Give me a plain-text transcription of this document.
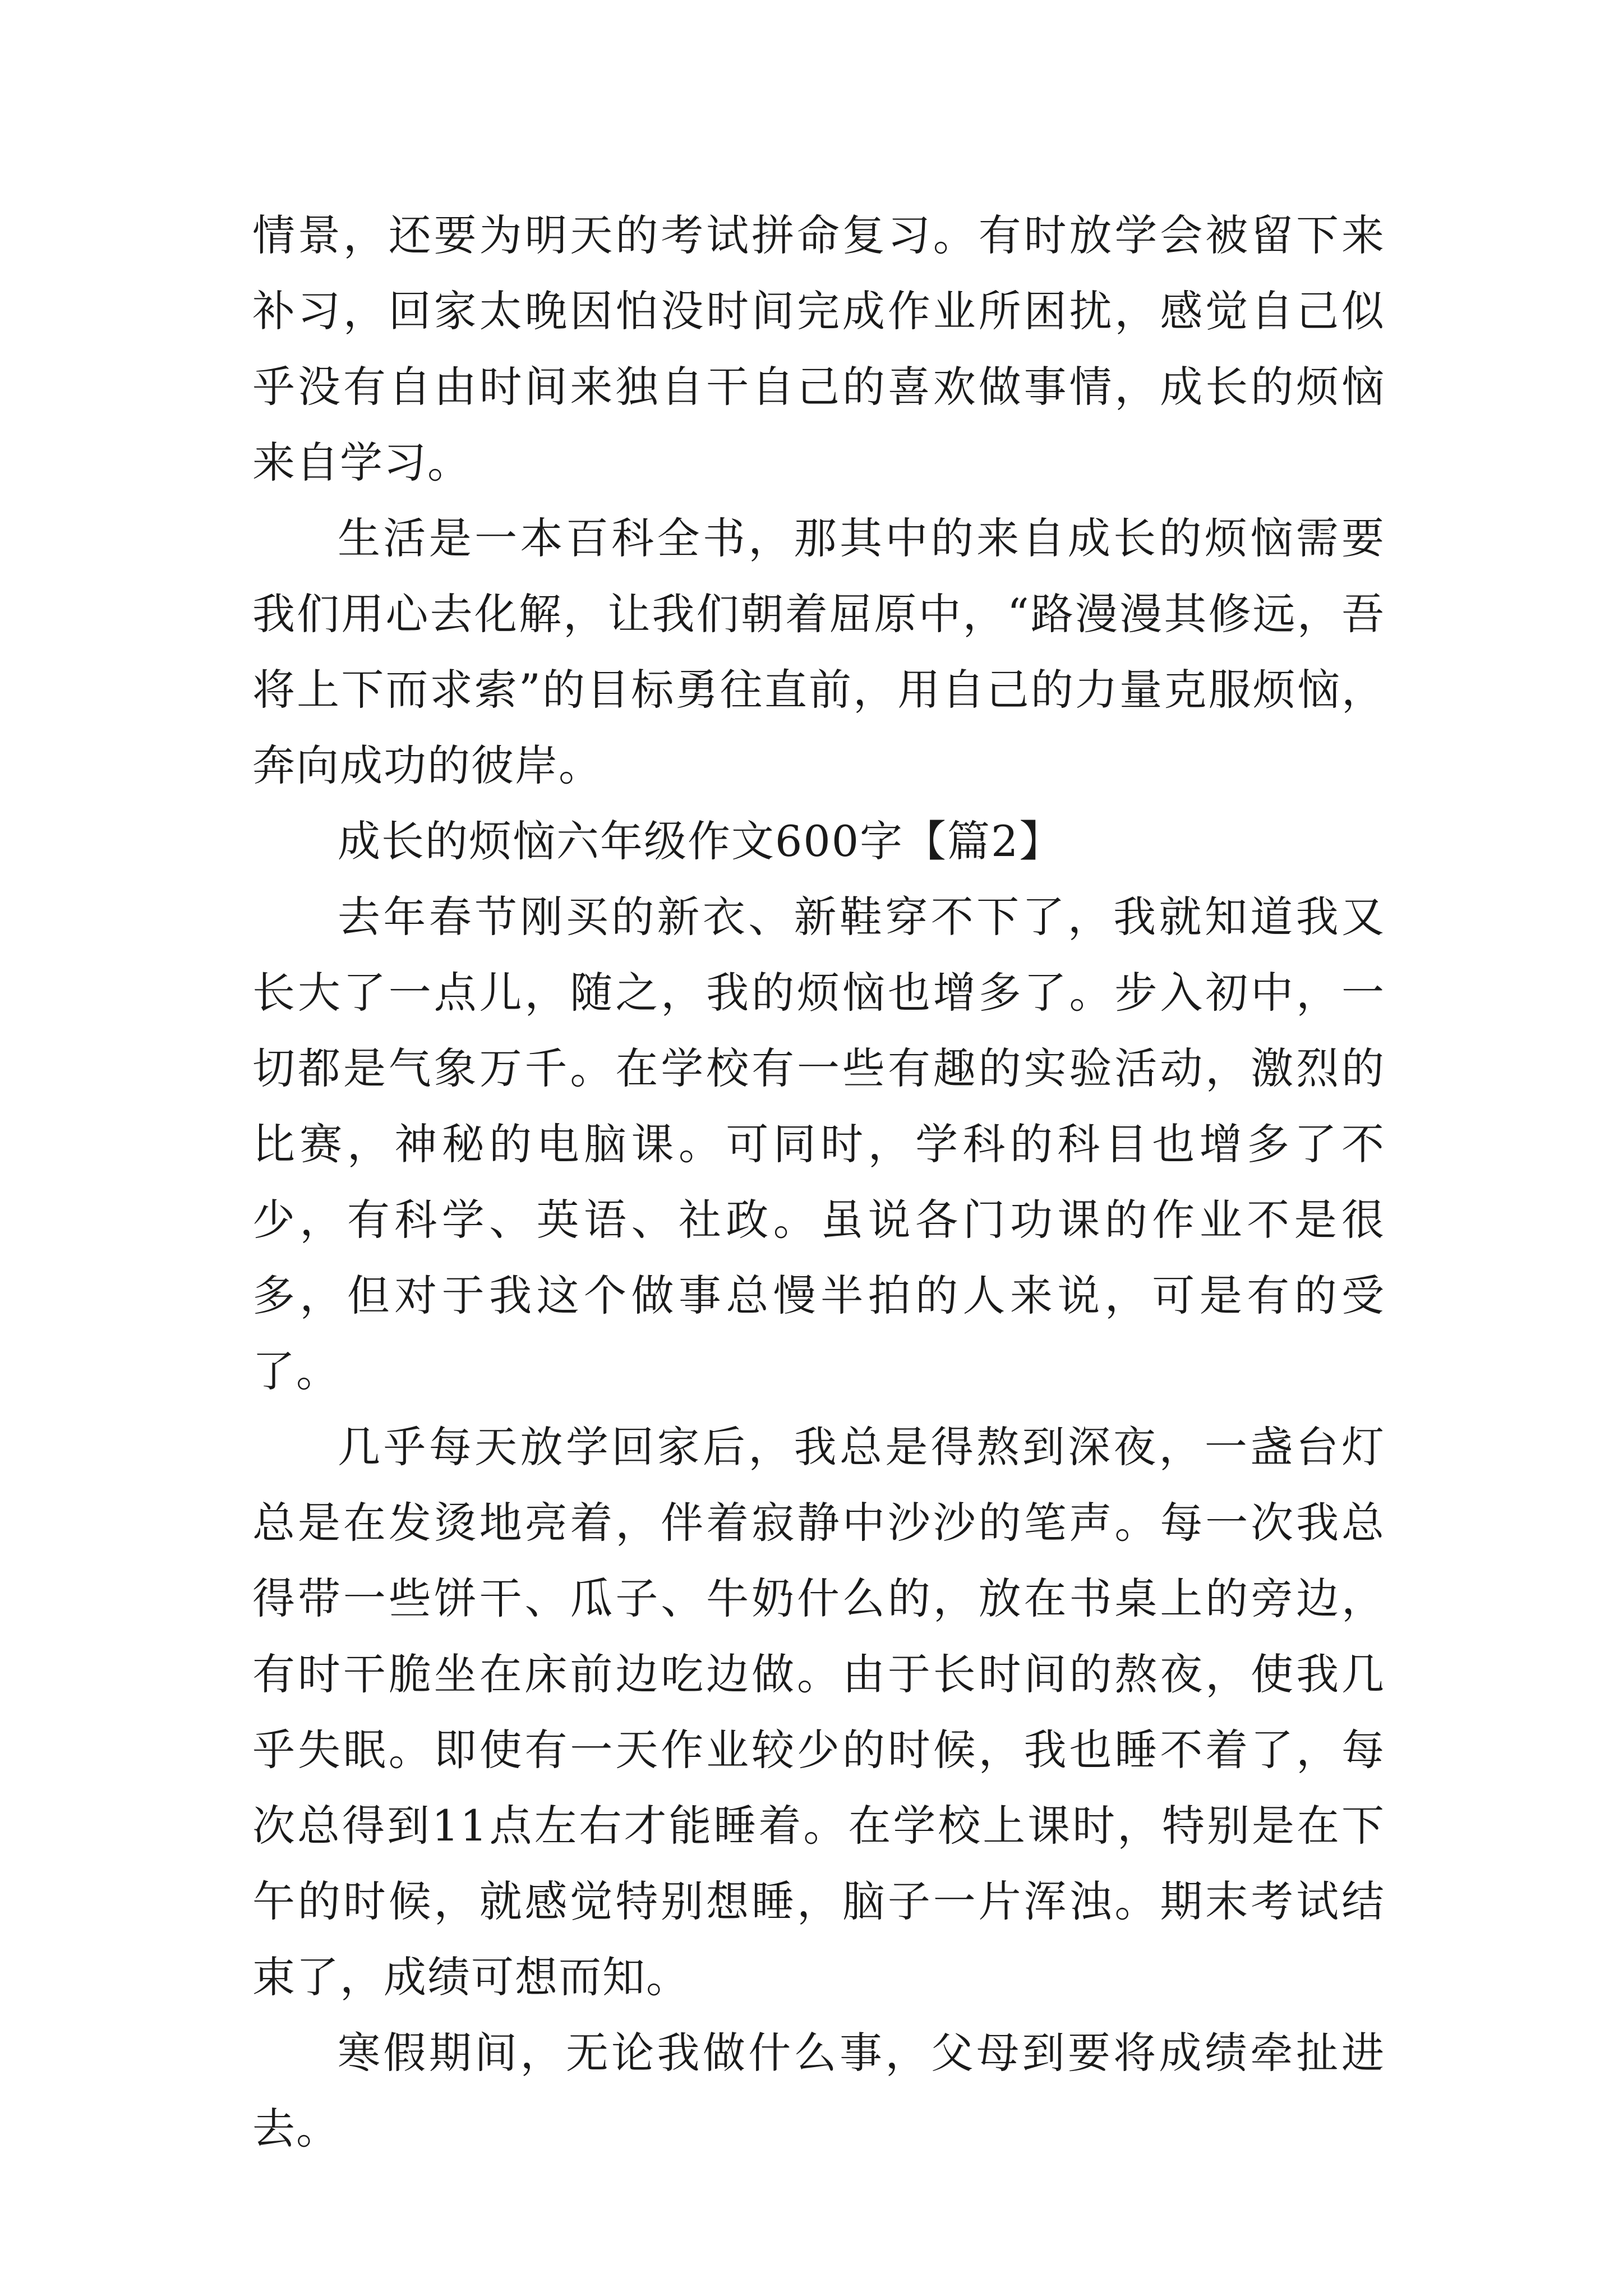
情景，还要为明天的考试拼命复习。有时放学会被留下来补习，回家太晚因怕没时间完成作业所困扰，感觉自己似乎没有自由时间来独自干自己的喜欢做事情，成长的烦恼来自学习。

生活是一本百科全书，那其中的来自成长的烦恼需要我们用心去化解，让我们朝着屈原中，“路漫漫其修远，吾将上下而求索”的目标勇往直前，用自己的力量克服烦恼，奔向成功的彼岸。

成长的烦恼六年级作文600字【篇2】

去年春节刚买的新衣、新鞋穿不下了，我就知道我又长大了一点儿，随之，我的烦恼也增多了。步入初中，一切都是气象万千。在学校有一些有趣的实验活动，激烈的比赛，神秘的电脑课。可同时，学科的科目也增多了不少，有科学、英语、社政。虽说各门功课的作业不是很多，但对于我这个做事总慢半拍的人来说，可是有的受了。

几乎每天放学回家后，我总是得熬到深夜，一盏台灯总是在发烫地亮着，伴着寂静中沙沙的笔声。每一次我总得带一些饼干、瓜子、牛奶什么的，放在书桌上的旁边，有时干脆坐在床前边吃边做。由于长时间的熬夜，使我几乎失眠。即使有一天作业较少的时候，我也睡不着了，每次总得到11点左右才能睡着。在学校上课时，特别是在下午的时候，就感觉特别想睡，脑子一片浑浊。期末考试结束了，成绩可想而知。

寒假期间，无论我做什么事，父母到要将成绩牵扯进去。
